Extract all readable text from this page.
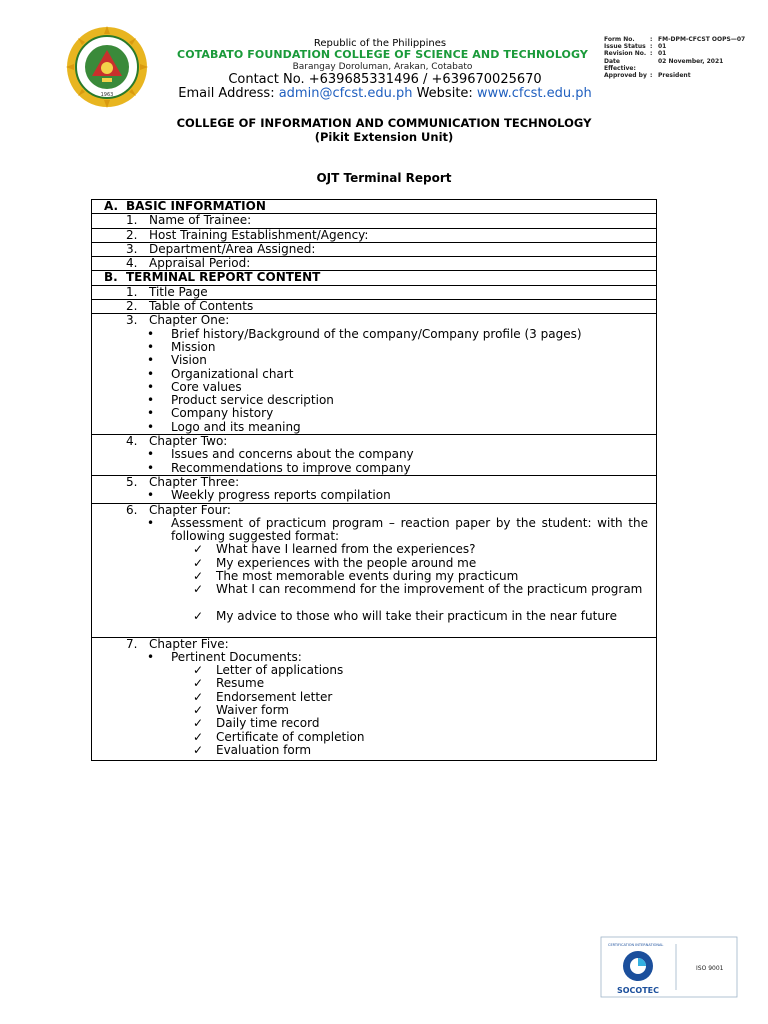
1963
Republic of the Philippines
COTABATO FOUNDATION COLLEGE OF SCIENCE AND TECHNOLOGY
Barangay Doroluman, Arakan, Cotabato
Contact No. +639685331496 / +639670025670
Email Address: admin@cfcst.edu.ph Website: www.cfcst.edu.ph
Form No.	: FM-DPM-CFCST OOPS—07
Issue Status : 01
Revision No. : 01
Date Effective:
02 November, 2021
Approved by : President
COLLEGE OF INFORMATION AND COMMUNICATION TECHNOLOGY
(Pikit Extension Unit)
OJT Terminal Report
A. BASIC INFORMATION
1. Name of Trainee:
2. Host Training Establishment/Agency:
3. Department/Area Assigned:
4. Appraisal Period:
B. TERMINAL REPORT CONTENT
1. Title Page
2. Table of Contents
3. Chapter One:
• Brief history/Background of the company/Company profile (3 pages)
• Mission
• Vision
• Organizational chart
• Core values
• Product service description
• Company history
• Logo and its meaning
4. Chapter Two:
• Issues and concerns about the company
• Recommendations to improve company
5. Chapter Three:
• Weekly progress reports compilation
6. Chapter Four:
• Assessment of practicum program – reaction paper by the student: with the following suggested format:
✓ What have I learned from the experiences?
✓ My experiences with the people around me
✓ The most memorable events during my practicum
✓ What I can recommend for the improvement of the practicum program
✓ My advice to those who will take their practicum in the near future
7. Chapter Five:
• Pertinent Documents:
✓ Letter of applications
✓ Resume
✓ Endorsement letter
✓ Waiver form
✓ Daily time record
✓ Certificate of completion
✓ Evaluation form
CERTIFICATION INTERNATIONAL
SOCOTEC
ISO 9001
